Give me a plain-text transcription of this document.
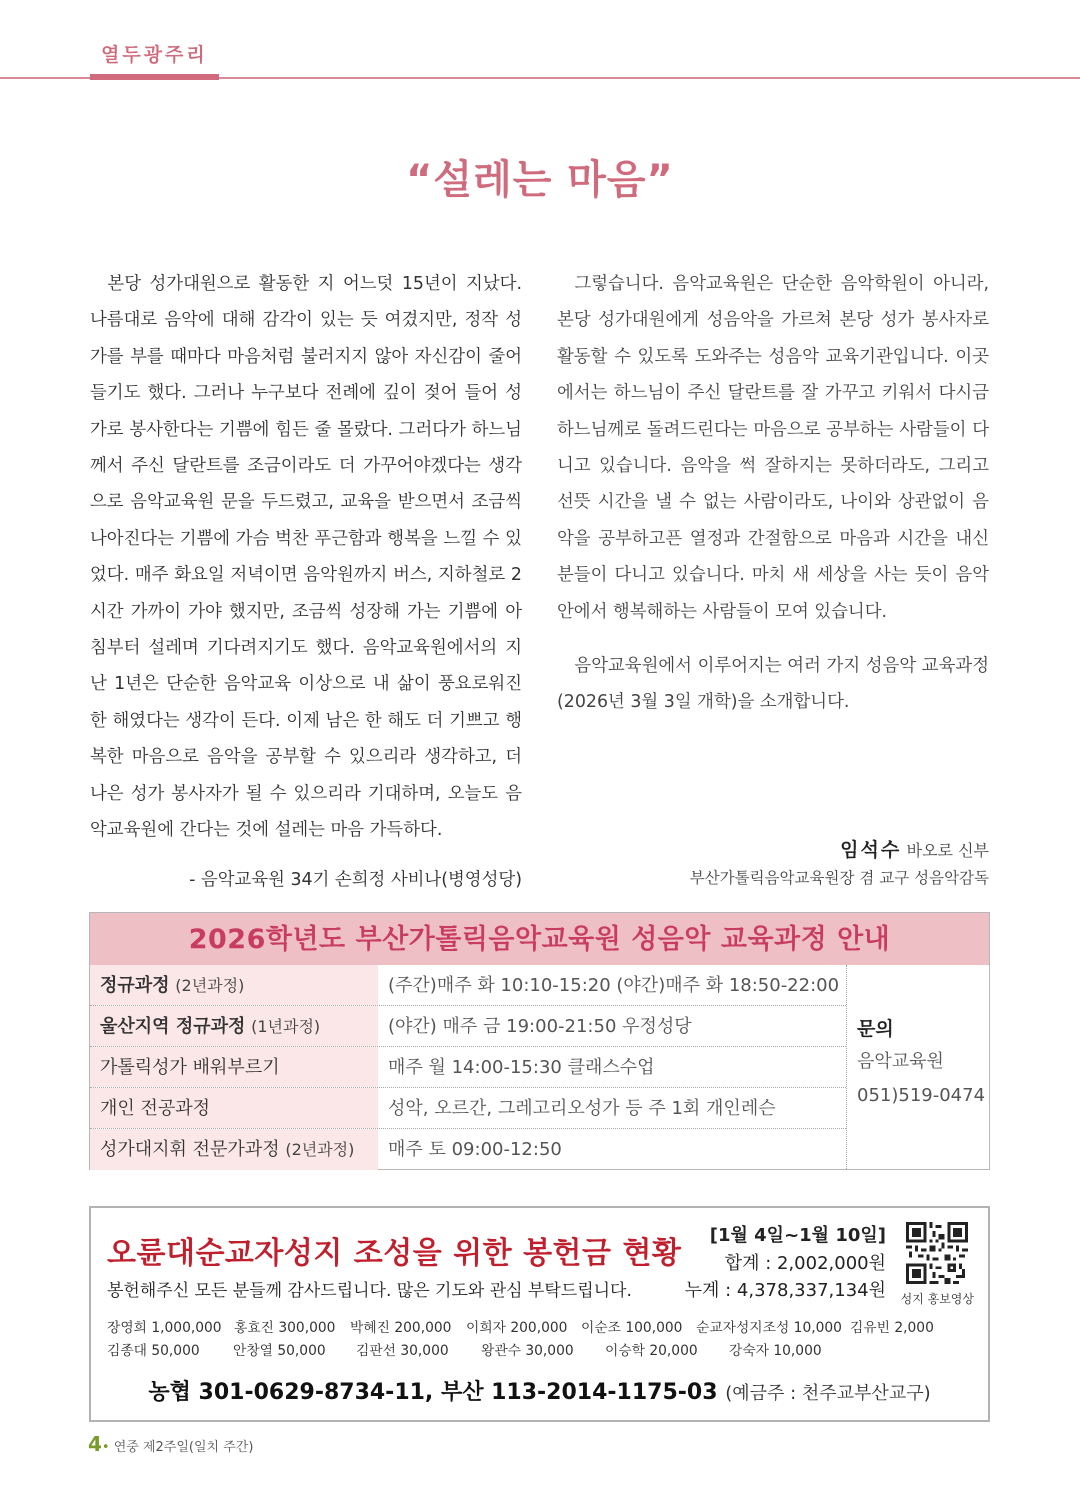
열두광주리
“설레는 마음”

본당 성가대원으로 활동한 지 어느덧 15년이 지났다. 나름대로 음악에 대해 감각이 있는 듯 여겼지만, 정작 성가를 부를 때마다 마음처럼 불러지지 않아 자신감이 줄어들기도 했다. 그러나 누구보다 전례에 깊이 젖어 들어 성가로 봉사한다는 기쁨에 힘든 줄 몰랐다. 그러다가 하느님께서 주신 달란트를 조금이라도 더 가꾸어야겠다는 생각으로 음악교육원 문을 두드렸고, 교육을 받으면서 조금씩 나아진다는 기쁨에 가슴 벅찬 푸근함과 행복을 느낄 수 있었다. 매주 화요일 저녁이면 음악원까지 버스, 지하철로 2시간 가까이 가야 했지만, 조금씩 성장해 가는 기쁨에 아침부터 설레며 기다려지기도 했다. 음악교육원에서의 지난 1년은 단순한 음악교육 이상으로 내 삶이 풍요로워진 한 해였다는 생각이 든다. 이제 남은 한 해도 더 기쁘고 행복한 마음으로 음악을 공부할 수 있으리라 생각하고, 더 나은 성가 봉사자가 될 수 있으리라 기대하며, 오늘도 음악교육원에 간다는 것에 설레는 마음 가득하다.

- 음악교육원 34기 손희정 사비나(병영성당)

그렇습니다. 음악교육원은 단순한 음악학원이 아니라, 본당 성가대원에게 성음악을 가르쳐 본당 성가 봉사자로 활동할 수 있도록 도와주는 성음악 교육기관입니다. 이곳에서는 하느님이 주신 달란트를 잘 가꾸고 키워서 다시금 하느님께로 돌려드린다는 마음으로 공부하는 사람들이 다니고 있습니다. 음악을 썩 잘하지는 못하더라도, 그리고 선뜻 시간을 낼 수 없는 사람이라도, 나이와 상관없이 음악을 공부하고픈 열정과 간절함으로 마음과 시간을 내신 분들이 다니고 있습니다. 마치 새 세상을 사는 듯이 음악 안에서 행복해하는 사람들이 모여 있습니다.

음악교육원에서 이루어지는 여러 가지 성음악 교육과정(2026년 3월 3일 개학)을 소개합니다.

임석수 바오로 신부
부산가톨릭음악교육원장 겸 교구 성음악감독
2026학년도 부산가톨릭음악교육원 성음악 교육과정 안내
정규과정 (2년과정)	(주간)매주 화 10:10-15:20 (야간)매주 화 18:50-22:00
울산지역 정규과정 (1년과정)	(야간) 매주 금 19:00-21:50 우정성당
가톨릭성가 배워부르기	매주 월 14:00-15:30 클래스수업
개인 전공과정	성악, 오르간, 그레고리오성가 등 주 1회 개인레슨
성가대지휘 전문가과정 (2년과정)	매주 토 09:00-12:50
문의
음악교육원
051)519-0474
오륜대순교자성지 조성을 위한 봉헌금 현황
봉헌해주신 모든 분들께 감사드립니다. 많은 기도와 관심 부탁드립니다.
[1월 4일~1월 10일]
합계 : 2,002,000원
누계 : 4,378,337,134원 성지 홍보영상
장영희 1,000,000 홍효진 300,000 박혜진 200,000 이희자 200,000 이순조 100,000 순교자성지조성 10,000 김유빈 2,000
김종대 50,000 안창열 50,000 김판선 30,000 왕관수 30,000 이승학 20,000 강숙자 10,000
농협 301-0629-8734-11, 부산 113-2014-1175-03 (예금주 : 천주교부산교구)
4• 연중 제2주일(일치 주간)
